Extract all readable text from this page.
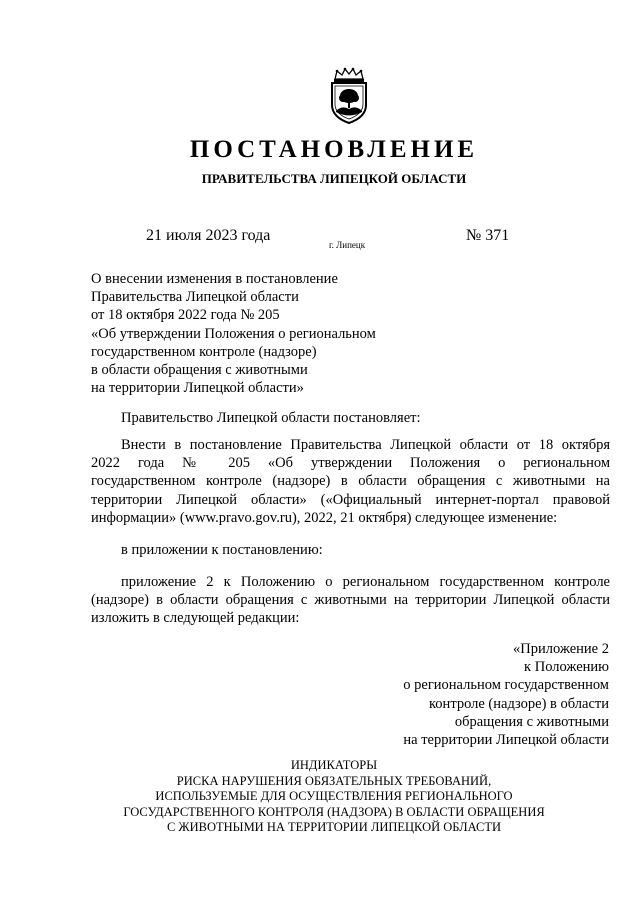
ПОСТАНОВЛЕНИЕ
ПРАВИТЕЛЬСТВА ЛИПЕЦКОЙ ОБЛАСТИ
21 июля 2023 года
г. Липецк
№ 371
О внесении изменения в постановление
Правительства Липецкой области
от 18 октября 2022 года № 205
«Об утверждении Положения о региональном
государственном контроле (надзоре)
в области обращения с животными
на территории Липецкой области»
Правительство Липецкой области постановляет:
Внести в постановление Правительства Липецкой области от 18 октября
2022 года № 205 «Об утверждении Положения о региональном
государственном контроле (надзоре) в области обращения с животными на
территории Липецкой области» («Официальный интернет-портал правовой
информации» (www.pravo.gov.ru), 2022, 21 октября) следующее изменение:
в приложении к постановлению:
приложение 2 к Положению о региональном государственном контроле
(надзоре) в области обращения с животными на территории Липецкой области
изложить в следующей редакции:
«Приложение 2
к Положению
о региональном государственном
контроле (надзоре) в области
обращения с животными
на территории Липецкой области
ИНДИКАТОРЫ
РИСКА НАРУШЕНИЯ ОБЯЗАТЕЛЬНЫХ ТРЕБОВАНИЙ,
ИСПОЛЬЗУЕМЫЕ ДЛЯ ОСУЩЕСТВЛЕНИЯ РЕГИОНАЛЬНОГО
ГОСУДАРСТВЕННОГО КОНТРОЛЯ (НАДЗОРА) В ОБЛАСТИ ОБРАЩЕНИЯ
С ЖИВОТНЫМИ НА ТЕРРИТОРИИ ЛИПЕЦКОЙ ОБЛАСТИ
